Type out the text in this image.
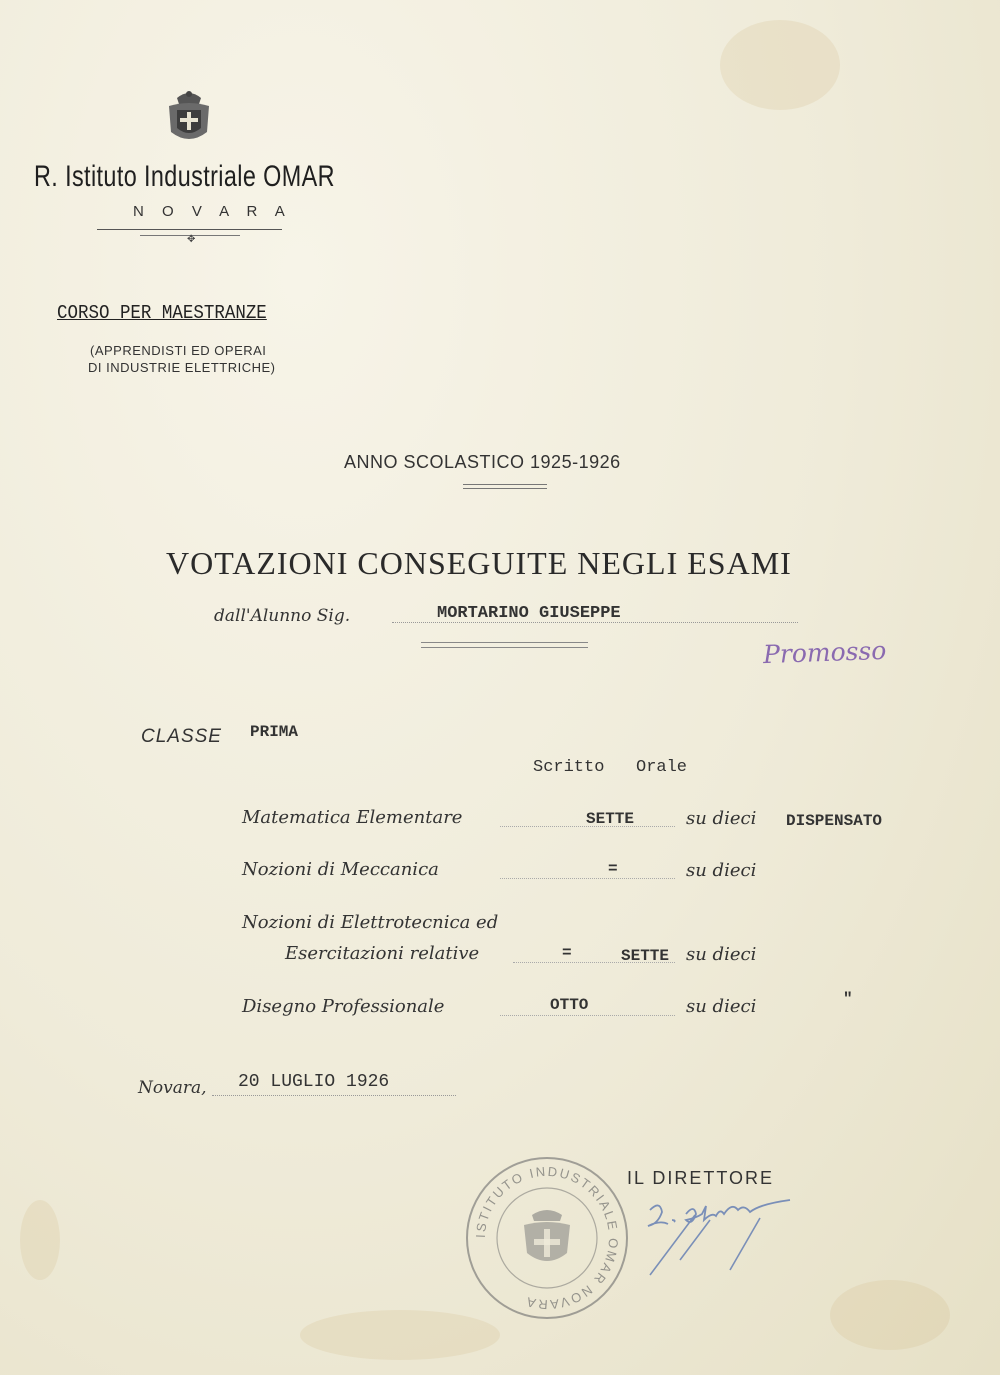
R. Istituto Industriale OMAR
N O V A R A
✥
CORSO PER MAESTRANZE
(APPRENDISTI ED OPERAI
DI INDUSTRIE ELETTRICHE)
ANNO SCOLASTICO 1925-1926
VOTAZIONI CONSEGUITE NEGLI ESAMI
dall'Alunno Sig.	MORTARINO GIUSEPPE
Promosso
CLASSE PRIMA
Scritto Orale
Matematica Elementare	SETTE	su dieci DISPENSATO
Nozioni di Meccanica	=	su dieci
Nozioni di Elettrotecnica ed
Esercitazioni relative	=	SETTE su dieci
Disegno Professionale	OTTO	su dieci	"
Novara, 20 LUGLIO 1926
ISTITUTO INDUSTRIALE OMAR NOVARA
IL DIRETTORE
